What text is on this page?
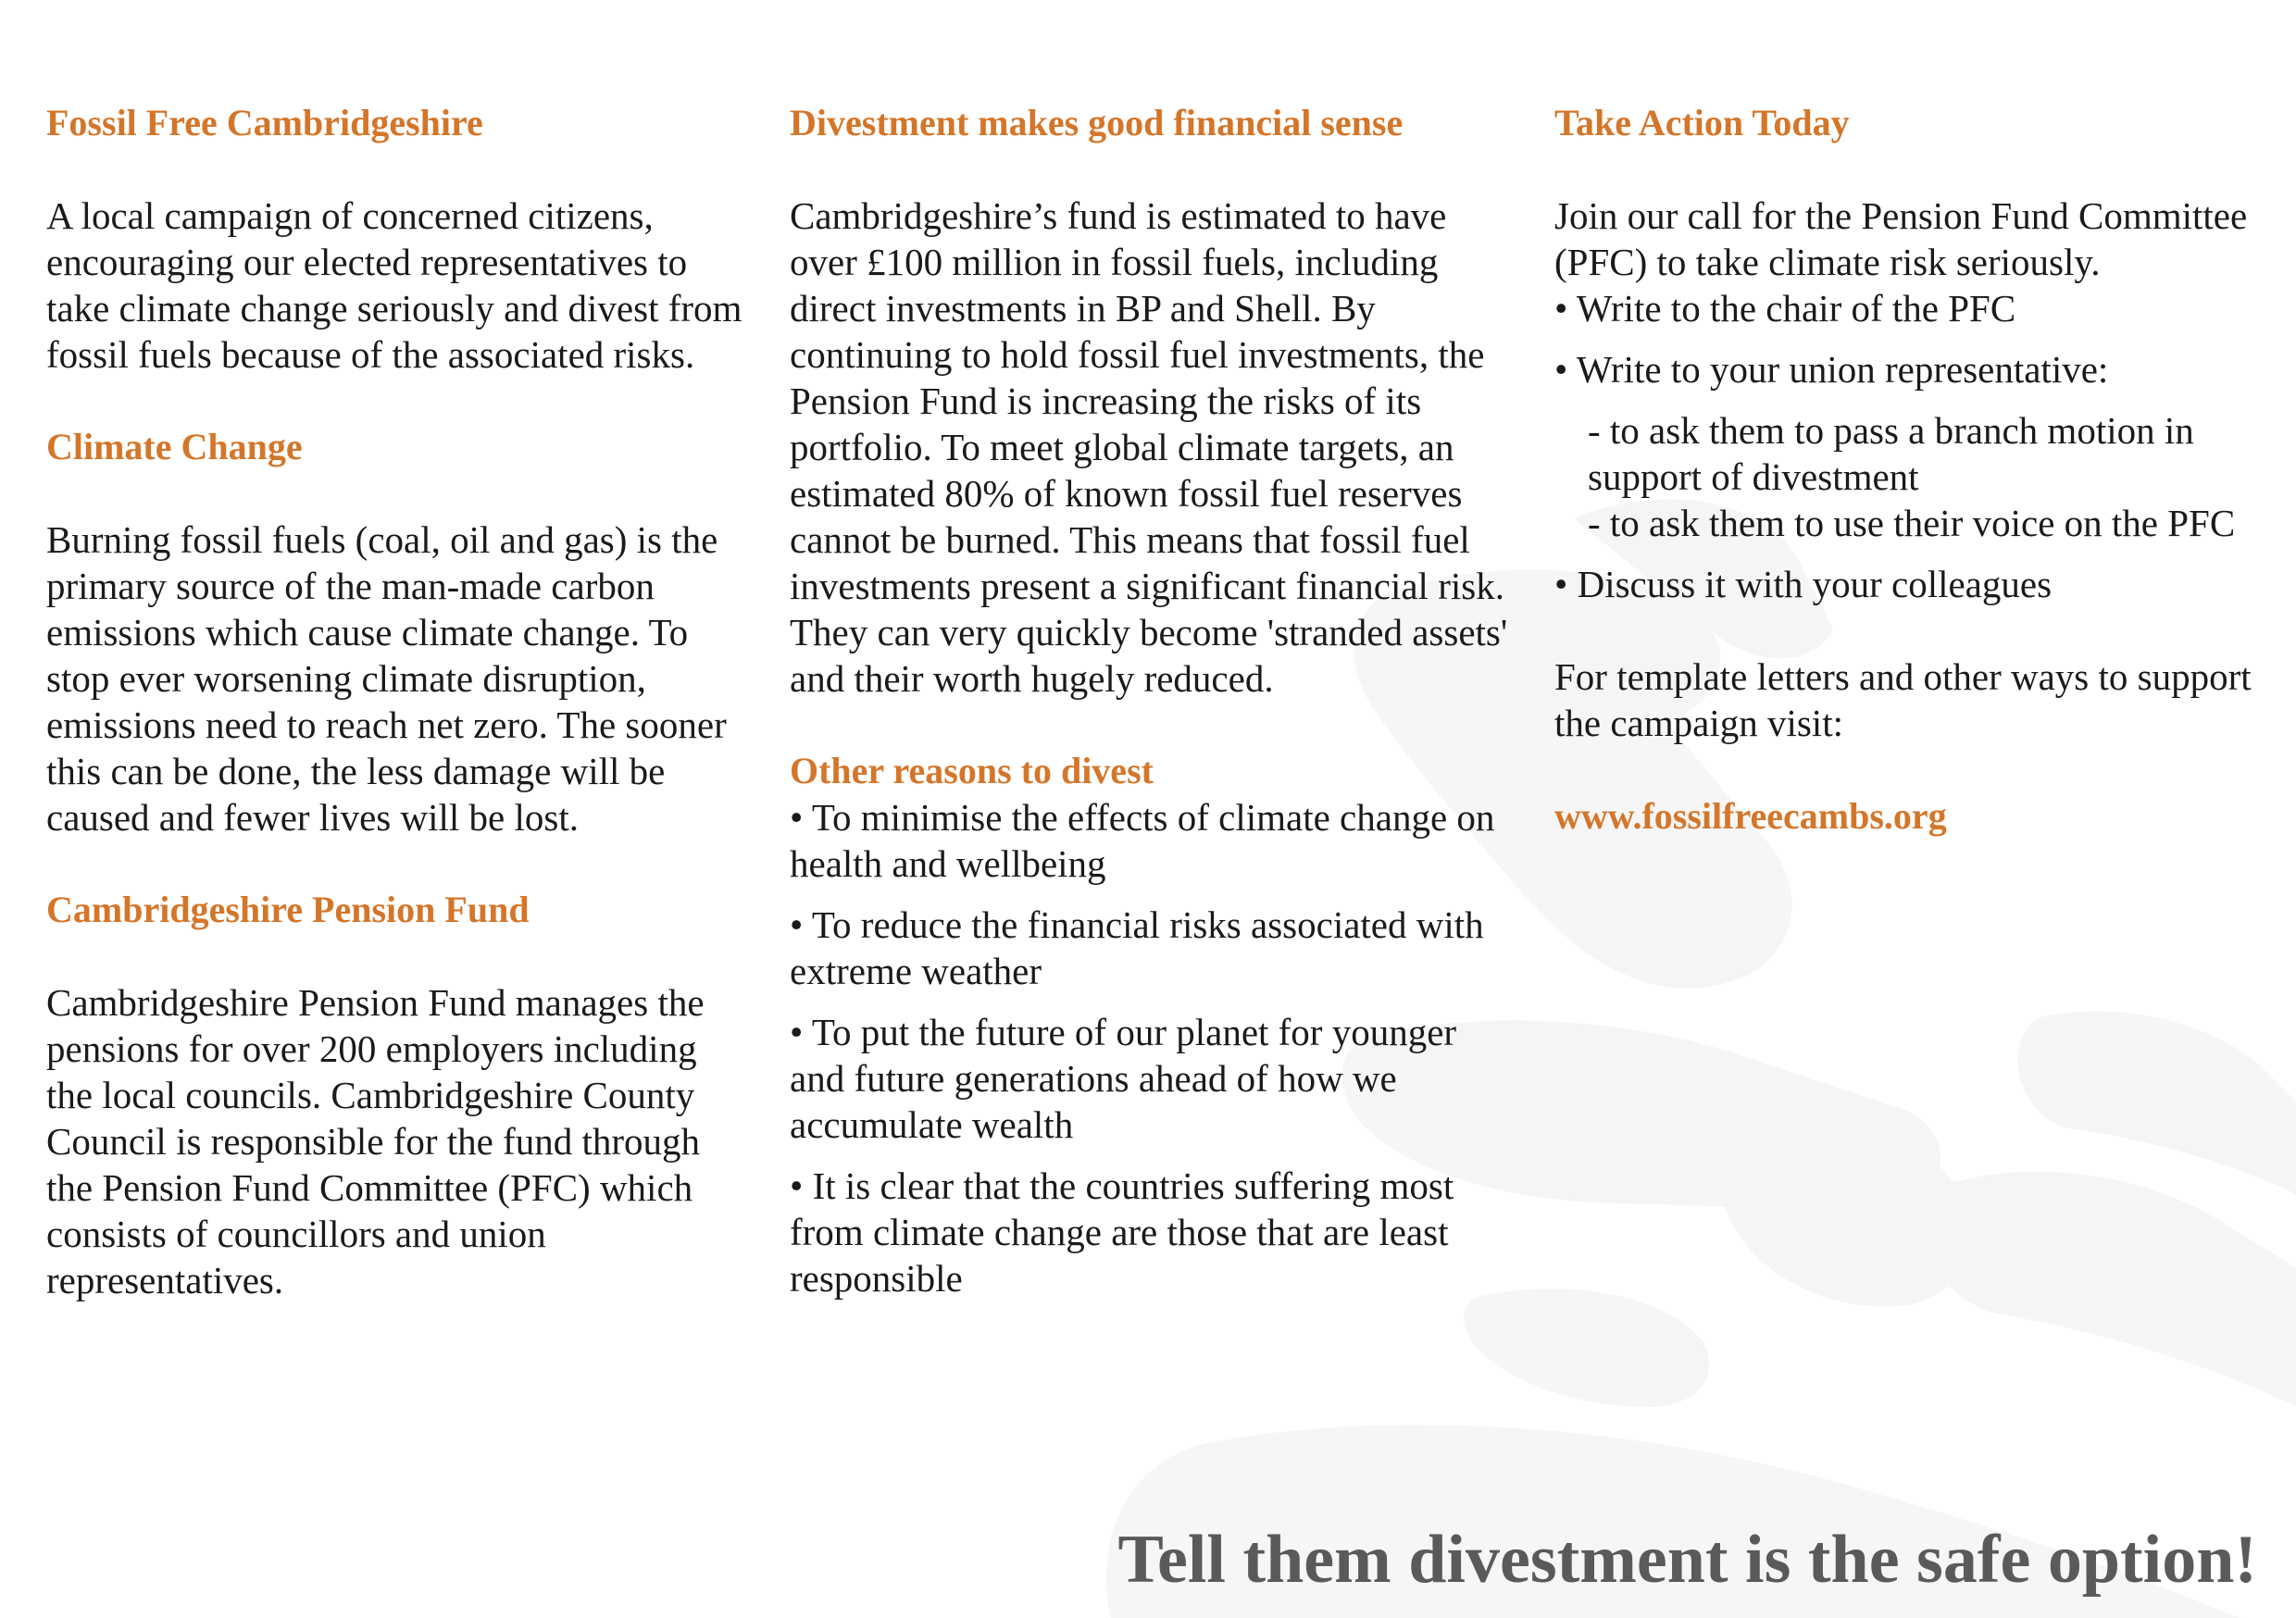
Fossil Free Cambridgeshire

A local campaign of concerned citizens, encouraging our elected representatives to take climate change seriously and divest from fossil fuels because of the associated risks.

Climate Change

Burning fossil fuels (coal, oil and gas) is the primary source of the man-made carbon emissions which cause climate change. To stop ever worsening climate disruption, emissions need to reach net zero. The sooner this can be done, the less damage will be caused and fewer lives will be lost.

Cambridgeshire Pension Fund

Cambridgeshire Pension Fund manages the pensions for over 200 employers including the local councils. Cambridgeshire County Council is responsible for the fund through the Pension Fund Committee (PFC) which consists of councillors and union representatives.

Divestment makes good financial sense

Cambridgeshire’s fund is estimated to have over £100 million in fossil fuels, including direct investments in BP and Shell. By continuing to hold fossil fuel investments, the Pension Fund is increasing the risks of its portfolio. To meet global climate targets, an estimated 80% of known fossil fuel reserves cannot be burned. This means that fossil fuel investments present a significant financial risk. They can very quickly become 'stranded assets' and their worth hugely reduced.

Other reasons to divest
• To minimise the effects of climate change on health and wellbeing
• To reduce the financial risks associated with extreme weather
• To put the future of our planet for younger and future generations ahead of how we accumulate wealth
• It is clear that the countries suffering most from climate change are those that are least responsible
Take Action Today

Join our call for the Pension Fund Committee (PFC) to take climate risk seriously.

• Write to the chair of the PFC
• Write to your union representative:
- to ask them to pass a branch motion in support of divestment
- to ask them to use their voice on the PFC
• Discuss it with your colleagues

For template letters and other ways to support the campaign visit:

www.fossilfreecambs.org

Tell them divestment is the safe option!
